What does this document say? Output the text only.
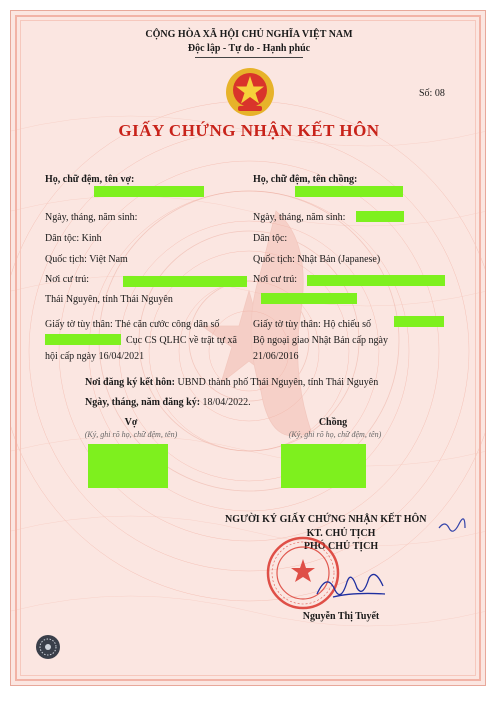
CỘNG HÒA XÃ HỘI CHỦ NGHĨA VIỆT NAM
Độc lập - Tự do - Hạnh phúc
Số: 08
GIẤY CHỨNG NHẬN KẾT HÔN
Họ, chữ đệm, tên vợ:
Ngày, tháng, năm sinh:
Dân tộc: Kinh
Quốc tịch: Việt Nam
Nơi cư trú:
Thái Nguyên, tỉnh Thái Nguyên
Giấy tờ tùy thân: Thẻ căn cước công dân số
Cục CS QLHC về trật tự xã
hội cấp ngày 16/04/2021
Họ, chữ đệm, tên chồng:
Ngày, tháng, năm sinh:
Dân tộc:
Quốc tịch: Nhật Bản (Japanese)
Nơi cư trú:
Giấy tờ tùy thân: Hộ chiếu số
Bộ ngoại giao Nhật Bản cấp ngày
21/06/2016
Nơi đăng ký kết hôn: UBND thành phố Thái Nguyên, tỉnh Thái Nguyên
Ngày, tháng, năm đăng ký: 18/04/2022.
Vợ
(Ký, ghi rõ họ, chữ đệm, tên)
Chồng
(Ký, ghi rõ họ, chữ đệm, tên)
NGƯỜI KÝ GIẤY CHỨNG NHẬN KẾT HÔN
KT. CHỦ TỊCH
PHÓ CHỦ TỊCH
Nguyễn Thị Tuyết
